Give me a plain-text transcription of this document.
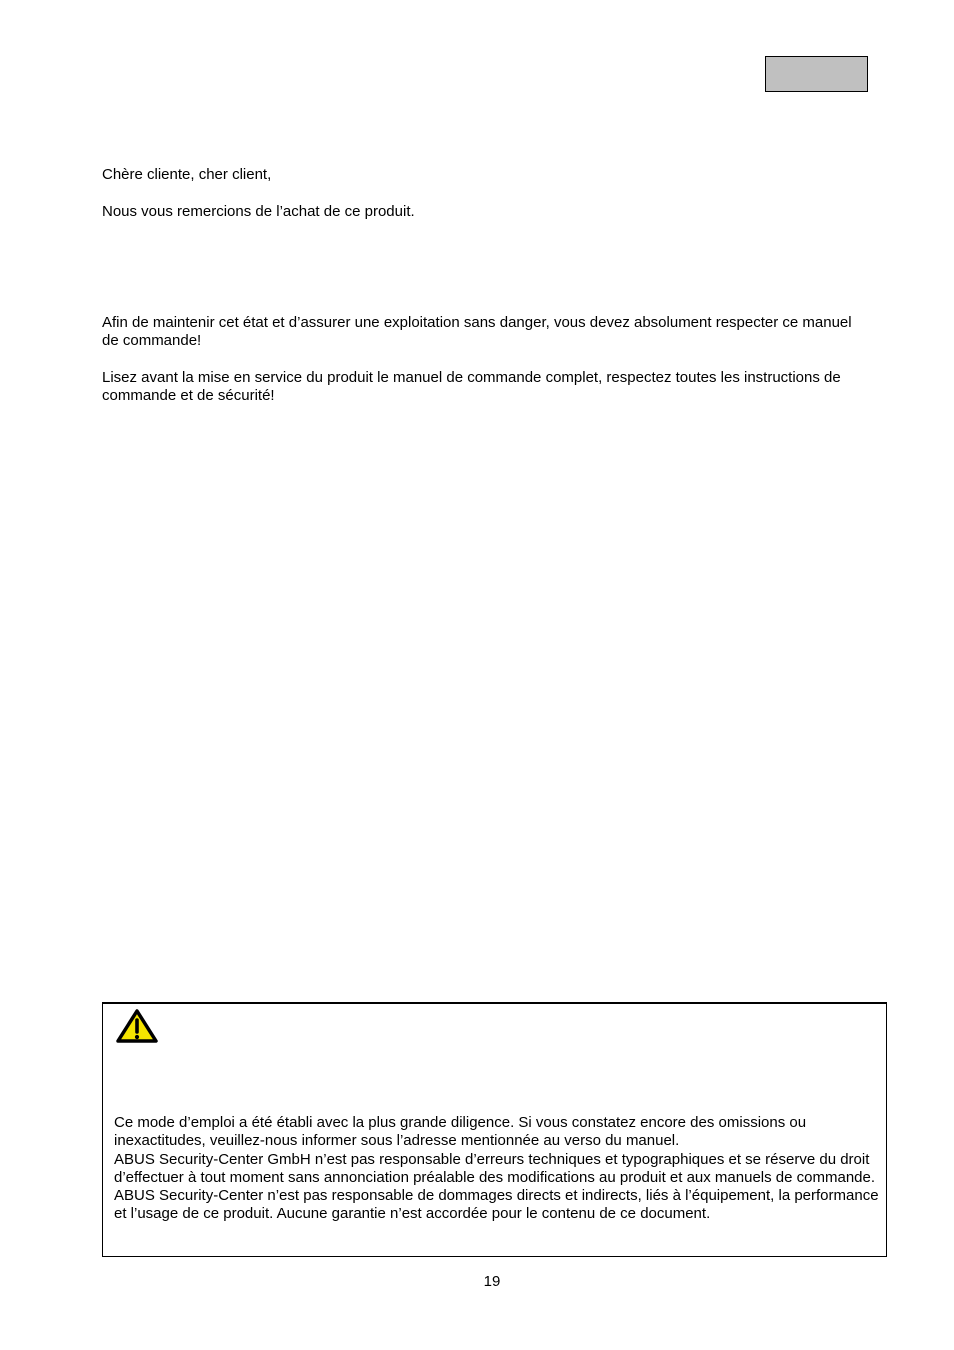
Chère cliente, cher client,

Nous vous remercions de l’achat de ce produit.

Afin de maintenir cet état et d’assurer une exploitation sans danger, vous devez absolument respecter ce manuel de commande!

Lisez avant la mise en service du produit le manuel de commande complet, respectez toutes les instructions de commande et de sécurité!

Ce mode d’emploi a été établi avec la plus grande diligence. Si vous constatez encore des omissions ou inexactitudes, veuillez-nous informer sous l’adresse mentionnée au verso du manuel.
ABUS Security-Center GmbH n’est pas responsable d’erreurs techniques et typographiques et se réserve du droit d’effectuer à tout moment sans annonciation préalable des modifications au produit et aux manuels de commande.
ABUS Security-Center n’est pas responsable de dommages directs et indirects, liés à l’équipement, la performance et l’usage de ce produit. Aucune garantie n’est accordée pour le contenu de ce document.

19
